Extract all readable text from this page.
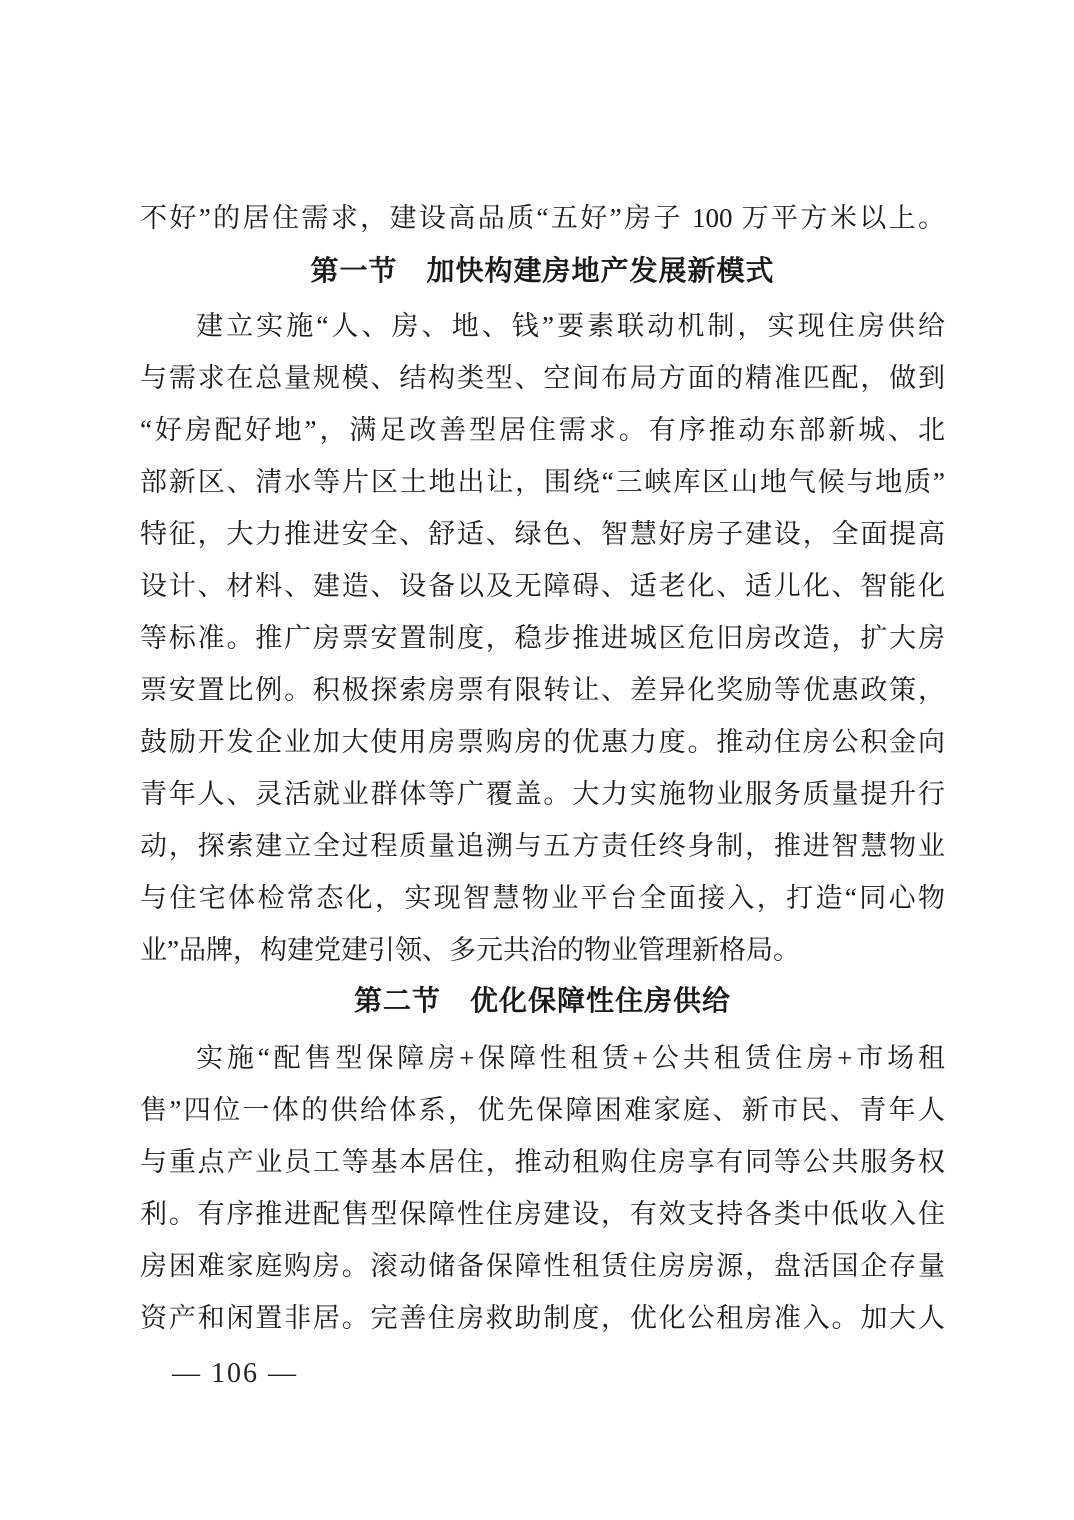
不好”的居住需求，建设高品质“五好”房子 100 万平方米以上。
第一节　加快构建房地产发展新模式
建立实施“人、房、地、钱”要素联动机制，实现住房供给
与需求在总量规模、结构类型、空间布局方面的精准匹配，做到
“好房配好地”，满足改善型居住需求。有序推动东部新城、北
部新区、清水等片区土地出让，围绕“三峡库区山地气候与地质”
特征，大力推进安全、舒适、绿色、智慧好房子建设，全面提高
设计、材料、建造、设备以及无障碍、适老化、适儿化、智能化
等标准。推广房票安置制度，稳步推进城区危旧房改造，扩大房
票安置比例。积极探索房票有限转让、差异化奖励等优惠政策，
鼓励开发企业加大使用房票购房的优惠力度。推动住房公积金向
青年人、灵活就业群体等广覆盖。大力实施物业服务质量提升行
动，探索建立全过程质量追溯与五方责任终身制，推进智慧物业
与住宅体检常态化，实现智慧物业平台全面接入，打造“同心物
业”品牌，构建党建引领、多元共治的物业管理新格局。
第二节　优化保障性住房供给
实施“配售型保障房+保障性租赁+公共租赁住房+市场租
售”四位一体的供给体系，优先保障困难家庭、新市民、青年人
与重点产业员工等基本居住，推动租购住房享有同等公共服务权
利。有序推进配售型保障性住房建设，有效支持各类中低收入住
房困难家庭购房。滚动储备保障性租赁住房房源，盘活国企存量
资产和闲置非居。完善住房救助制度，优化公租房准入。加大人
— 106 —
